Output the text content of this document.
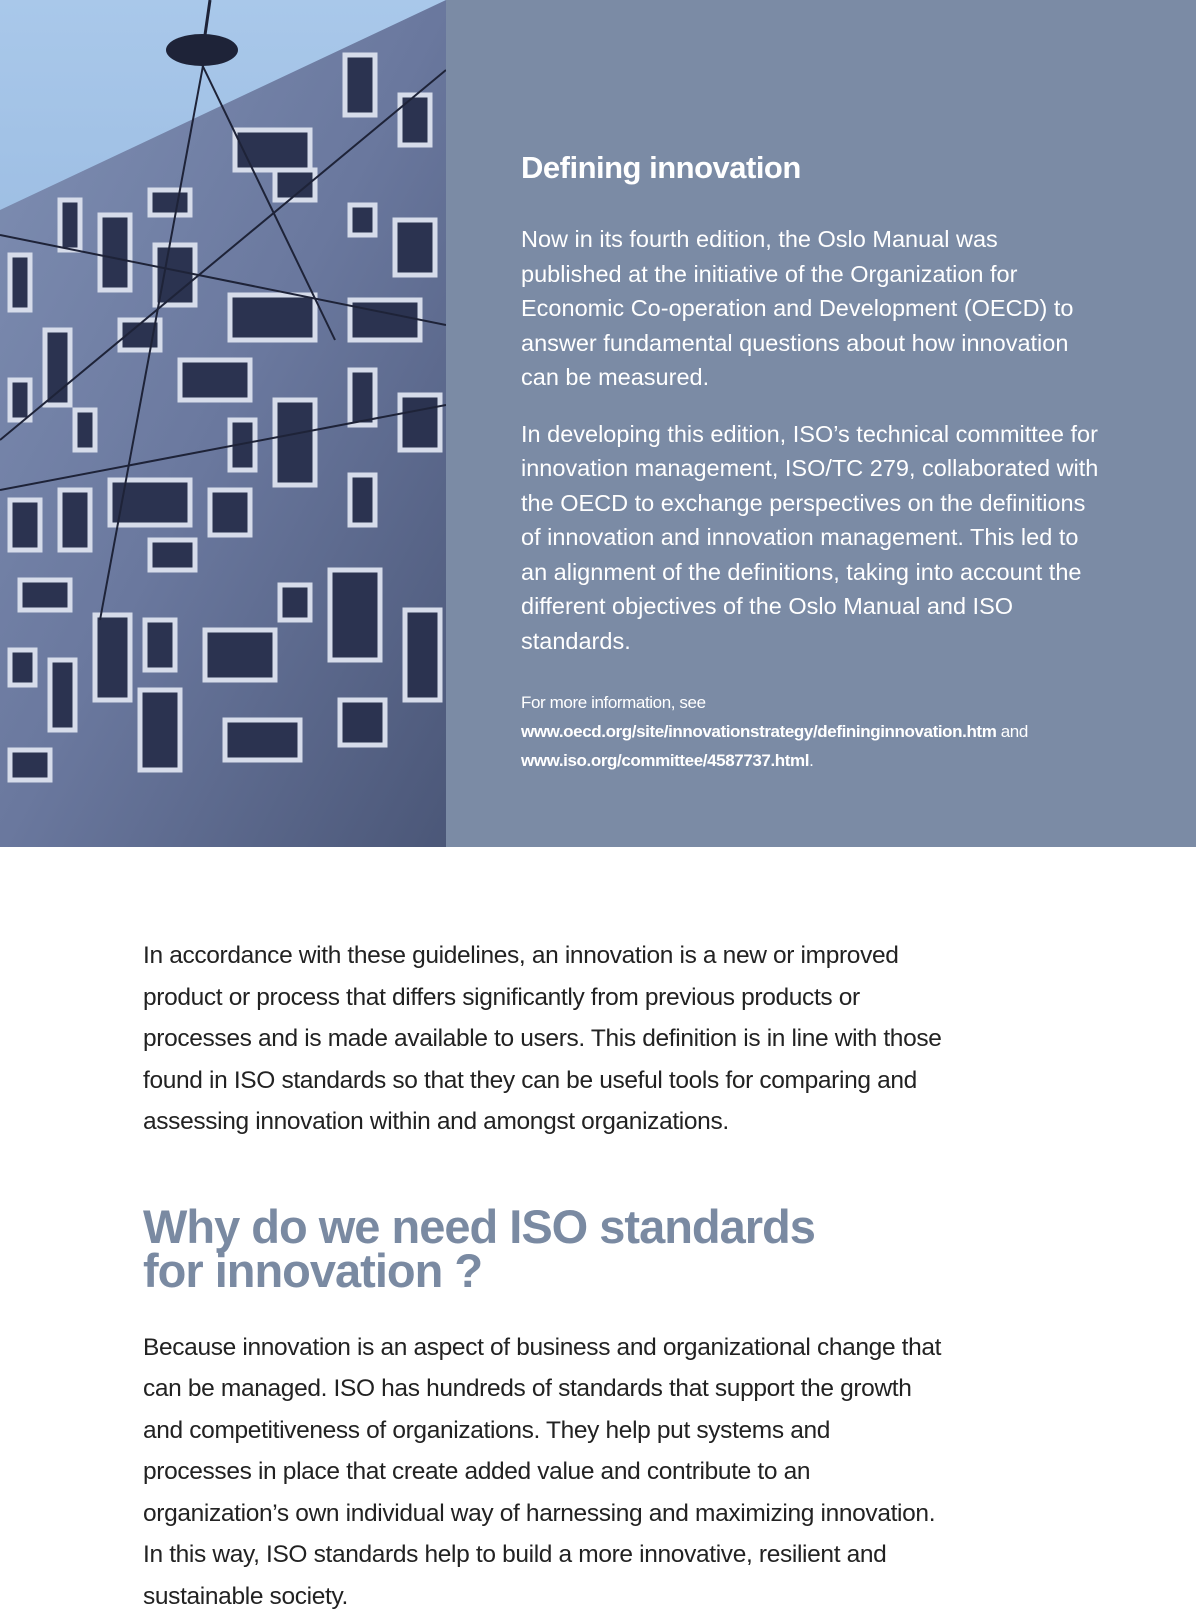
Defining innovation

Now in its fourth edition, the Oslo Manual was published at the initiative of the Organization for Economic Co-operation and Development (OECD) to answer fundamental questions about how innovation can be measured.

In developing this edition, ISO’s technical committee for innovation management, ISO/TC 279, collaborated with the OECD to exchange perspectives on the definitions of innovation and innovation management. This led to an alignment of the definitions, taking into account the different objectives of the Oslo Manual and ISO standards.

For more information, see www.oecd.org/site/innovationstrategy/defininginnovation.htm and www.iso.org/committee/4587737.html.

In accordance with these guidelines, an innovation is a new or improved product or process that differs significantly from previous products or processes and is made available to users. This definition is in line with those found in ISO standards so that they can be useful tools for comparing and assessing innovation within and amongst organizations.

Why do we need ISO standards
for innovation ?

Because innovation is an aspect of business and organizational change that can be managed. ISO has hundreds of standards that support the growth and competitiveness of organizations. They help put systems and processes in place that create added value and contribute to an organization’s own individual way of harnessing and maximizing innovation. In this way, ISO standards help to build a more innovative, resilient and sustainable society.
